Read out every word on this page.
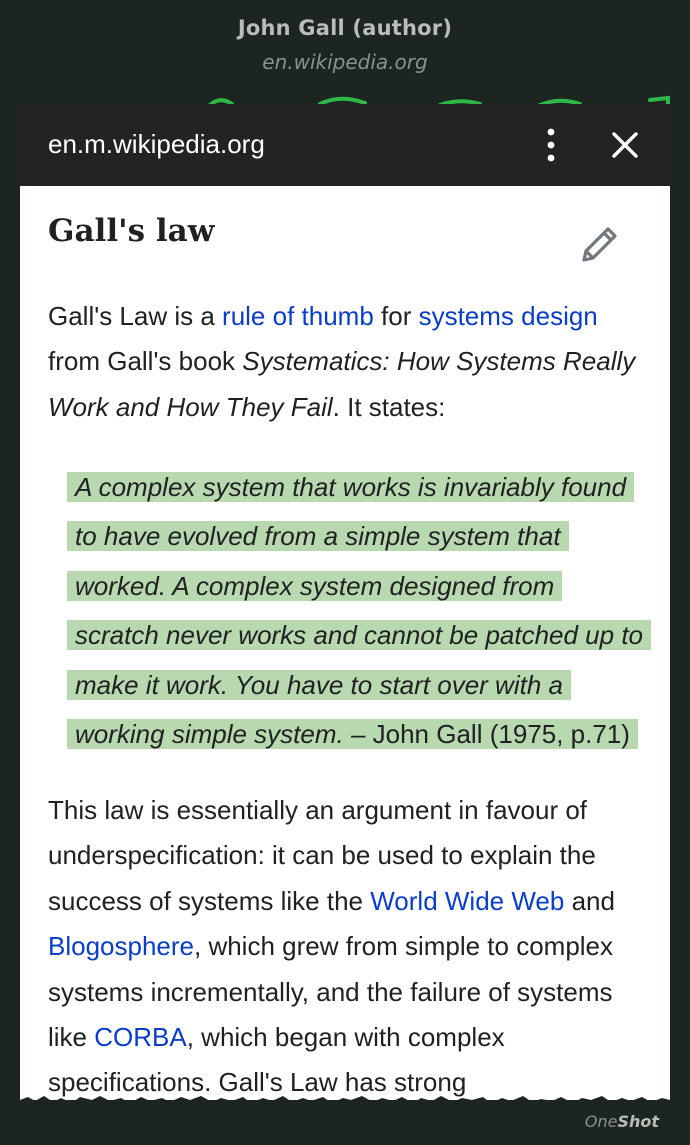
John Gall (author)
en.wikipedia.org
en.m.wikipedia.org
Gall's law

Gall's Law is a rule of thumb for systems design from Gall's book Systematics: How Systems Really Work and How They Fail. It states:

A complex system that works is invariably found to have evolved from a simple system that worked. A complex system designed from scratch never works and cannot be patched up to make it work. You have to start over with a working simple system. – John Gall (1975, p.71)

This law is essentially an argument in favour of underspecification: it can be used to explain the success of systems like the World Wide Web and Blogosphere, which grew from simple to complex systems incrementally, and the failure of systems like CORBA, which began with complex specifications. Gall's Law has strong

OneShot
